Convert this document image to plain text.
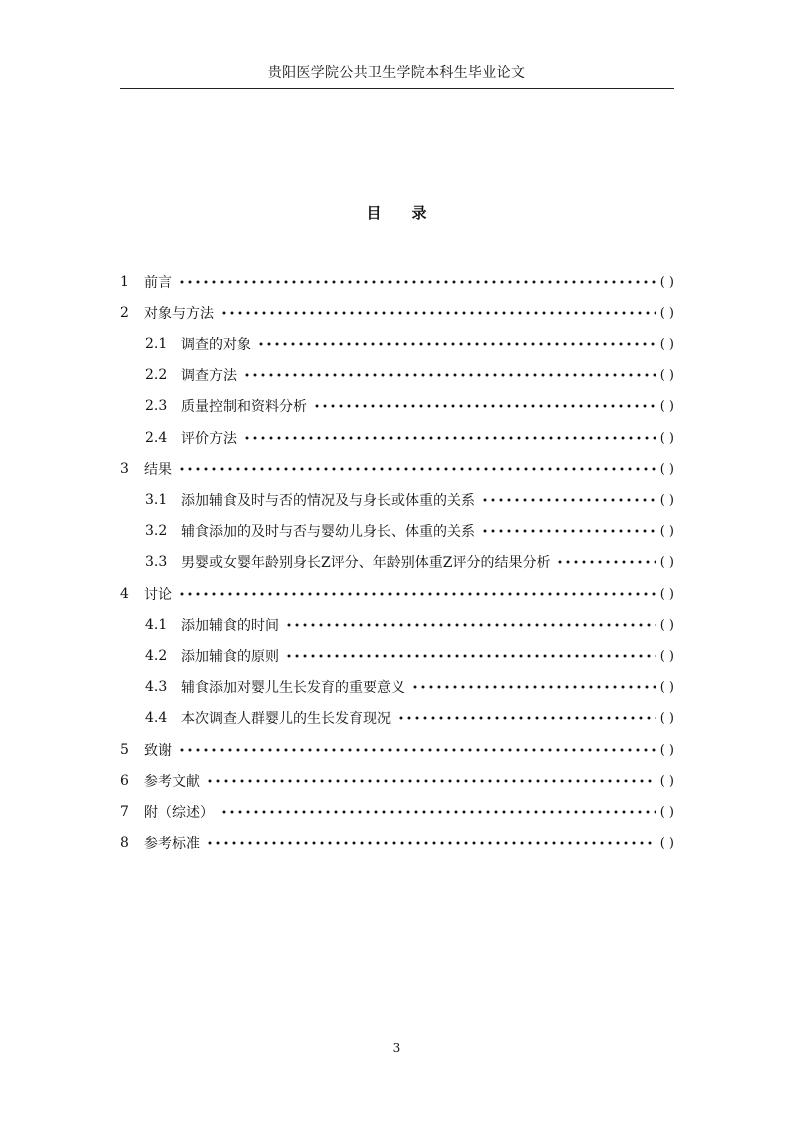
贵阳医学院公共卫生学院本科生毕业论文
目 录
1	前言	( )
2	对象与方法	( )
2.1 调查的对象	( )
2.2 调查方法	( )
2.3 质量控制和资料分析	( )
2.4 评价方法	( )
3	结果	( )
3.1 添加辅食及时与否的情况及与身长或体重的关系	( )
3.2 辅食添加的及时与否与婴幼儿身长、体重的关系	( )
3.3 男婴或女婴年龄别身长Z评分、年龄别体重Z评分的结果分析	( )
4	讨论	( )
4.1 添加辅食的时间	( )
4.2 添加辅食的原则	( )
4.3 辅食添加对婴儿生长发育的重要意义	( )
4.4 本次调查人群婴儿的生长发育现况	( )
5	致谢	( )
6	参考文献	( )
7	附（综述）	( )
8	参考标准	( )
3
